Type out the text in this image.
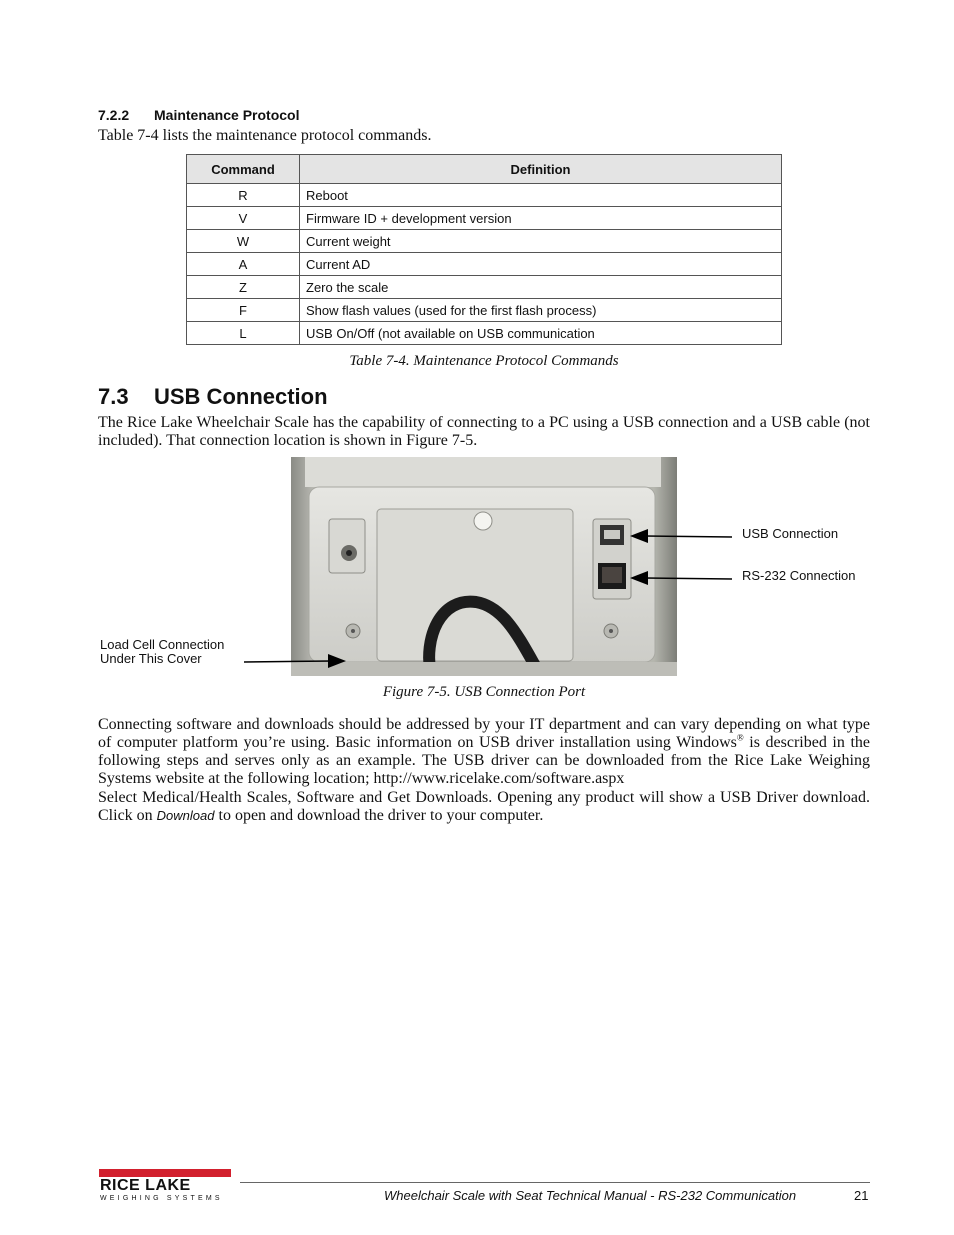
7.2.2 Maintenance Protocol
Table 7-4 lists the maintenance protocol commands.
Command	Definition
R	Reboot
V	Firmware ID + development version
W	Current weight
A	Current AD
Z	Zero the scale
F	Show flash values (used for the first flash process)
L	USB On/Off (not available on USB communication
Table 7-4. Maintenance Protocol Commands
7.3 USB Connection

The Rice Lake Wheelchair Scale has the capability of connecting to a PC using a USB connection and a USB cable (not included). That connection location is shown in Figure 7-5.

USB Connection
RS-232 Connection
Load Cell Connection
Under This Cover
Figure 7-5. USB Connection Port

Connecting software and downloads should be addressed by your IT department and can vary depending on what type of computer platform you’re using. Basic information on USB driver installation using Windows® is described in the following steps and serves only as an example. The USB driver can be downloaded from the Rice Lake Weighing Systems website at the following location; http://www.ricelake.com/software.aspx

Select Medical/Health Scales, Software and Get Downloads. Opening any product will show a USB Driver download. Click on Download to open and download the driver to your computer.

RICE LAKE
WEIGHING SYSTEMS	Wheelchair Scale with Seat Technical Manual - RS-232 Communication	21
